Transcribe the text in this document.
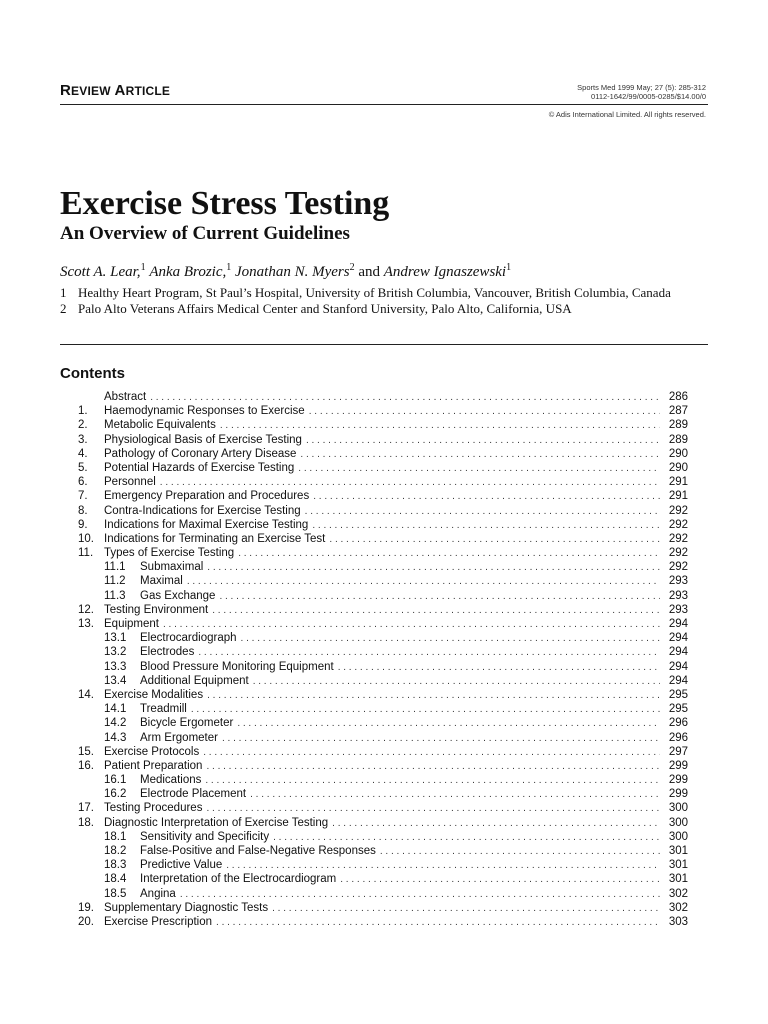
REVIEW ARTICLE	Sports Med 1999 May; 27 (5): 285-312
0112-1642/99/0005-0285/$14.00/0
© Adis International Limited. All rights reserved.
Exercise Stress Testing
An Overview of Current Guidelines
Scott A. Lear,$^1$ Anka Brozic,$^1$ Jonathan N. Myers$^2$ and Andrew Ignaszewski$^1$
1 Healthy Heart Program, St Paul’s Hospital, University of British Columbia, Vancouver, British Columbia, Canada
2 Palo Alto Veterans Affairs Medical Center and Stanford University, Palo Alto, California, USA
Contents
Abstract . . .	286
1.	Haemodynamic Responses to Exercise . . .	287
2.	Metabolic Equivalents . . .	289
3.	Physiological Basis of Exercise Testing . . .	289
4.	Pathology of Coronary Artery Disease . . .	290
5.	Potential Hazards of Exercise Testing . . .	290
6.	Personnel . . .	291
7.	Emergency Preparation and Procedures . . .	291
8.	Contra-Indications for Exercise Testing . . .	292
9.	Indications for Maximal Exercise Testing . . .	292
10. Indications for Terminating an Exercise Test . . .	292
11. Types of Exercise Testing . . .	292
11.1	Submaximal . . .	292
11.2	Maximal . . .	293
11.3	Gas Exchange . . .	293
12. Testing Environment . . .	293
13. Equipment . . .	294
13.1	Electrocardiograph . . .	294
13.2	Electrodes . . .	294
13.3	Blood Pressure Monitoring Equipment . . .	294
13.4	Additional Equipment . . .	294
14. Exercise Modalities . . .	295
14.1	Treadmill . . .	295
14.2	Bicycle Ergometer . . .	296
14.3	Arm Ergometer . . .	296
15. Exercise Protocols . . .	297
16. Patient Preparation . . .	299
16.1	Medications . . .	299
16.2	Electrode Placement . . .	299
17. Testing Procedures . . .	300
18. Diagnostic Interpretation of Exercise Testing . . .	300
18.1	Sensitivity and Specificity . . .	300
18.2	False-Positive and False-Negative Responses . . .	301
18.3	Predictive Value . . .	301
18.4	Interpretation of the Electrocardiogram . . .	301
18.5	Angina . . .	302
19. Supplementary Diagnostic Tests . . .	302
20. Exercise Prescription . . .	303
